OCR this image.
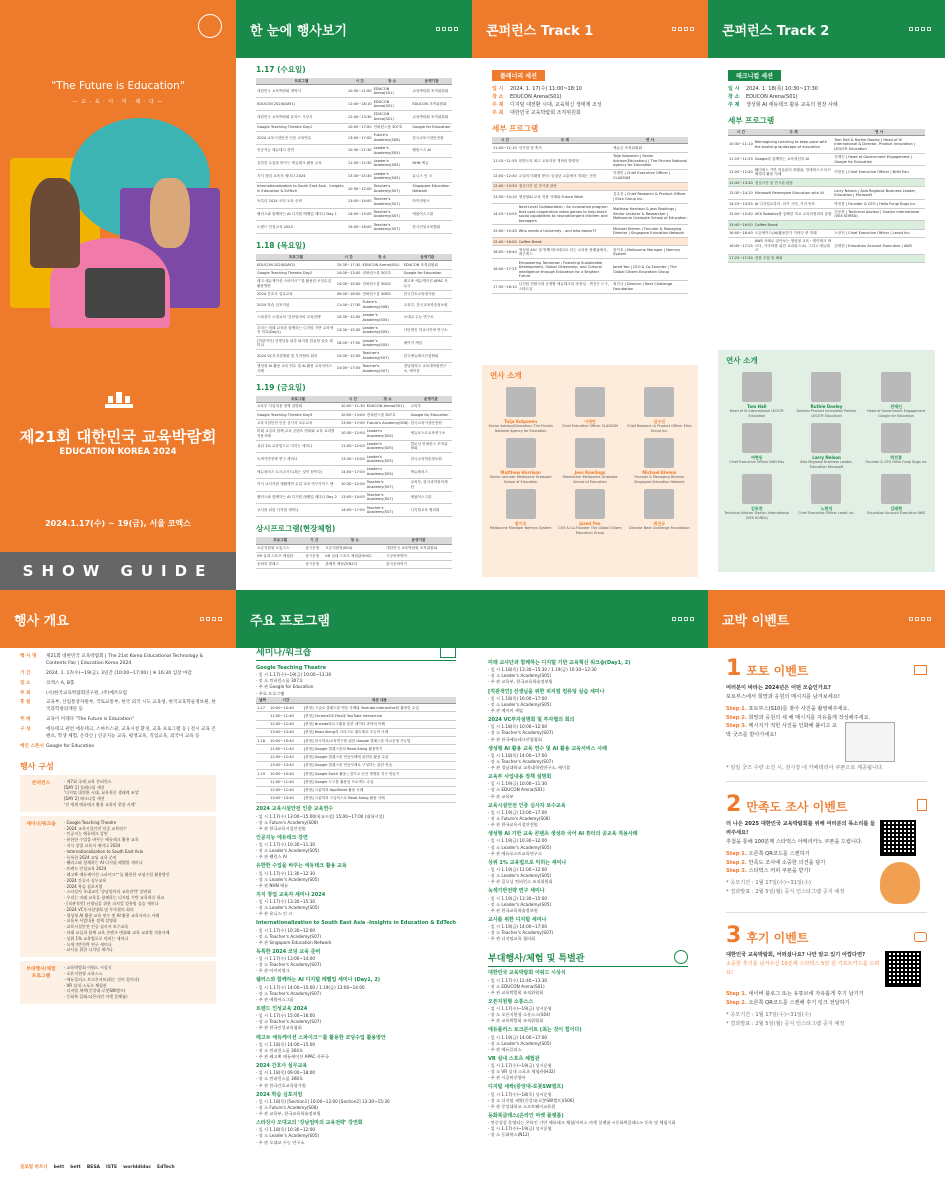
"The Future is Education"
— 교 · 육 · 이 · 미 · 래 · 다 —
제21회 대한민국 교육박람회
EDUCATION KOREA 2024
2024.1.17(수) ~ 19(금), 서울 코엑스
SHOW GUIDE
한 눈에 행사보기
1.17 (수요일)
프로그램	시 간	장 소	운영기관
대한민국 교육박람회 개막식	10:30~11:00	EDUCON Arena(S01)	교육박람회 조직위원회
EDUCON 2024(DAY1)	11:00~18:10	EDUCON Arena(S01)	EDUCON 조직위원회
대한민국 교육박람회 유아드 시상식	12:40~13:30	EDUCON Arena(S01)	교육박람회 조직위원회
Google Teaching Theatre Day1	10:00~17:00	컨퍼런스룸 307호	Google for Education
2024 교육시설안전 인증 교육연수	13:00~17:00	Future's Academy(S08)	한국교육시설안전원
인공지능 에듀테크 강연	10:30~11:30	Leader's Academy(S05)	웰런스스 AI
유한한 수업을 바꾸는 에듀테크 활용 교육	11:30~12:30	Leader's Academy(S05)	NHN 에듀
지식 창업 교육자 세미나 2024	13:30~15:30	Leader's Academy(S05)	유니스 인 크
Internationalization to South East Asia - Insights in Education & EdTech	10:30~12:00	Teacher's Academy(S07)	Singapore Education Network
독특한 2024 코딩 교육 준비	13:00~14:00	Teacher's Academy(S07)	아이비씽크
웰러스와 함께하는 AI 디지털 레벨업 세미나 Day 1	14:00~15:00	Teacher's Academy(S07)	에뮬어스그룹
트렌드 인성교육 2024	15:00~16:00	Teacher's Academy(S07)	한국인성교육협회
1.18 (목요일)
프로그램	시 간	장 소	운영기관
EDUCON 2024(DAY2)	10:30~17:30	EDUCON Arena(S01)	EDUCON 조직위원회
Google Teaching Theatre Day2	10:00~13:00	컨퍼런스룸 307호	Google for Education
레고 에듀케이션 스파이크™를 활용한 코딩수업 활용방안	14:00~15:00	컨퍼런스룸 304호	레고® 에듀케이션 APAC 사무국
2024 간호사 실무교육	09:00~18:00	컨퍼런스룸 308호	한국간호교육평가원
2024 학습 심포지엄	11:00~17:30	Future's Academy(S08)	교육부, 한국교육학술정보원
스타강사 오대교의 '강남엄마의 교육전략'	10:30~12:00	Leader's Academy(S05)	오대교 수능 연구소
우리는 미래 교육을 함께하는 디지털 기반 교육혁신 학교(Day1)	13:30~15:30	Leader's Academy(S05)	사단법인 학교사이버 연구소
[직관적인] 선생님을 위한 피지컬 컴퓨팅 실습 세미나	16:00~17:00	Leader's Academy(S05)	메이커 캐임
2024 VC투자설명회 및 투자협의 회의	10:00~12:00	Teacher's Academy(S07)	한국에듀테크산업협회
생성형 AI 활용 교육 연수 및 AI 활용 교육서비스 사례	14:00~17:00	Teacher's Academy(S07)	경남대학교 교육대학원연구소, 에이블
1.19 (금요일)
프로그램	시 간	장 소	운영기관
교육부 사업내용 정책 설명회	10:00~11:30	EDUCON Arena(S01)	교육부
Google Teaching Theatre Day3	10:00~13:00	컨퍼런스룸 307호	Google for Education
교육시설안전 인증 심사자 보수교육	13:00~17:00	Future's Academy(S08)	한국교육시설안전원
미래 교실과 함께 교육 콘텐츠 변화와 교육 교과별 적용사례	10:30~12:00	Leader's Academy(S05)	에듀포스트교육연구소
상위 1% 교육법으로 익히는 세미나	11:00~12:00	Leader's Academy(S05)	클로닝 컨퍼런스 조직위원회
녹색기반전략 연구 세미나	13:30~15:00	Leader's Academy(S05)	한국교육학술정보원
에듀플러스 토크콘서트(최는 것이 힘이다)	14:00~17:00	Leader's Academy(S05)	에듀플러스
지식 교사지원 생활재연 수업 교육 연구가이드 밴	10:30~12:00	Teacher's Academy(S07)	교육부, 한국과학창의재단
웰러스와 함께하는 AI 디지털 레벨업 세미나 Day 2	13:00~14:00	Teacher's Academy(S07)	에뮬어스그룹
교사를 위한 디지털 세미나	14:00~17:00	Teacher's Academy(S07)	디지털교육 협의회
상시프로그램(현장체험)
프로그램	기 간	장 소	운영기관
오픈지원형 소통스스	상시운영	오픈지원형(S04)	대한민국 교육박람회 조직위원회
VR 실내 스포츠 체험관	상시운영	VR 실내 스포츠 체험관(H32)	시공버중양아
동화북 클래스	상시운영	관배북 체험관(N27)	한국동화작가
콘퍼런스 Track 1
플레너리 세션
일 시 2024. 1. 17(수) 11:00~18:10
장 소 EDUCON Arena(S01)
주 제 디지털 대전환 시대, 교육혁신 생태계 조성
주 최 대한민국 교육박람회 조직위원회
세부 프로그램
시 간	주 제	연 사
11:00~11:10	인사말 및 축사	에듀콘 조직위원회
11:15~11:55	한반도의 최고 교육과정 개혁의 방향성	Taija Kolponen | Senior Advisor(Education) | The Finnish National Agency for Education
12:00~12:40	교실의 미래를 묻다: 들었던 교총에서 미래는 전망	이재민 | Chief Executive Officer | CLASSUM
12:40~13:30	점심시간 및 전시관 관람	
13:30~14:10	생성형AI 교육 적용 사례와 Future Work	김수진 | Chief Research & Product Officer | Elice Group Inc.
14:15~14:55	Next Level Collaboration : An innovative program that uses cooperative video games to help teach social capabilities to neurodivergent children and teenagers	Matthew Harrison & Jess Rowlings | Senior Lecturer & Researcher | Melbourne Graduate School of Education
15:00~15:40	Who needs a University - and who doesn't?	Michael Klemm | Founder & Managing Director | Singapore Education Network
15:40~16:00	Coffee Break	
16:00~16:40	생성형 AI로 첫 번째 테크테크로 되는 교육용 플랫폼에서, 최근에스	함이호 | Melbourne Manager | Nemrys System
16:45~17:25	Empowering Tomorrow : Fostering Sustainable Development, Global Citizenship, and Cultural Intelligence through Education for a Brighter Future	Jared Yeo | CEO & Co-Founder | The Global Citizen Education Group
17:30~18:10	디지털 전환시대 공생할 에듀테크의 과정성 - 핵심은 도구, 스타트업	최진규 | Director | Next Challenge Foundation
연사 소개
Taija Kolponen
Senior Advisor(Education) The Finnish National Agency for Education
이재민
Chief Executive Officer CLASSUM
김수진
Chief Research & Product Officer Elice Group Inc.
Matthew Harrison
Senior Lecturer Melbourne Graduate School of Education
Jess Rowlings
Researcher Melbourne Graduate School of Education
Michael Klemm
Founder & Managing Director Singapore Education Network
함이호
Melbourne Manager Nemrys System
Jared Yeo
CEO & Co-Founder The Global Citizen Education Group
최진규
Director Next Challenge Foundation
콘퍼런스 Track 2
테크니컬 세션
일 시 2024. 1. 18(목) 10:30~17:30
장 소 EDUCON Arena(S01)
주 제 생성형 AI 에듀테크 활용 교육의 현장 사례
세부 프로그램
시 간	주 제	연 사
10:30~11:10	Reimagining Learning to keep pace with the evolving landscape of education	Tom Hall & Ruthie Dooley | Head of IX International & Director, Product Innovation | LEGO® Education
11:15~11:55	Google과 함께하는 교육혁신의 AI	전재인 | Head of Government Engagement | Google for Education
12:00~12:40	웨더에스 기반 학습관리 플랫폼, 현대에스크 티브 배경과 활용 사례	여현동 | Chief Executive Officer | NHN Edu
12:40~13:30	점심시간 및 전시관 관람	
13:30~14:10	Microsoft Reimagine Education with AI	Larry Nelson | Asia Regional Business Leader, Education | Microsoft
14:15~14:55	AI 디지털교과서 -차기 시민, 기저 목표	박진봉 | Founder & CEO | Hello Fungi Bugs Inc
15:00~15:40	VEX Robotics를 통해한 학교 교육과정과의 통합	김동찬 | Technical Advisor | Gaelyn International (VEX KOREA)
15:40~16:00	Coffee Break	
16:00~16:40	오픈에이드(AI)활용한가 가려다 중 미래	노현석 | Chief Executive Officer | Lessit Inc.
16:45~17:25	AWS 사례로 알아보는 생성형 교육 : 케이테크 바르다, 가속화를 위한 교과워크 AI, 그리고 에듀테크	김태현 | Education Account Executive | AWS
17:25~17:30	경품 추첨 및 폐회	
연사 소개
Tom Hall
Head of IX International LEGO® Education
Ruthie Dooley
Director Product Innovation Partner LEGO® Education
전재인
Head of Government Engagement Google for Education
여현동
Chief Executive Officer NHN Edu
Larry Nelson
Asia Regional Business Leader, Education Microsoft
박진봉
Founder & CEO Hello Fungi Bugs Inc
김동찬
Technical Advisor Gaelyn International (VEX KOREA)
노현석
Chief Executive Officer Lessit Inc.
김태현
Education Account Executive AWS
행사 개요
행 사 명	제21회 대한민국 교육박람회 | The 21st Korea Educational Technology & Contents Fair | Education Korea 2024
기 간	2024. 1. 17(수)~19(금), 3일간 (10:00~17:00) | ※ 16:30 입장 마감
장 소	코엑스 A, B홀
주 최	(사)한국교육박람회연구원, (주)메쓰포럼
후 원	교육부, 산업통상자원부, 국토교통부, 한국 외국 시도 교육청, 한국교육학술정보원, 한국과학창의재단 등
주 제	교육이 미래다 "The Future is Education"
구 성	에듀테크 관련 에듀테크, 스마트스쿨, 교육시설 환경, 교육 프로그램 등 | 전시 교육 콘텐츠, 학생 체험, 온라인 | 인공지능 교육, 평생교육, 직업교육, 외국어 교육 등
메인 스폰서 Google for Education
행사 구성
콘퍼런스	· 제7회 국제 교육 콘퍼런스
[DAY 1] 플레너리 세션
'디지털 대전환 시대, 교육혁신 생태계 조성'
[DAY 2] 테크니컬 세션
'전 세계 에듀테크 활용 교육의 현장 사례'
세미나/워크숍	· Google Teaching Theatre
· 2024 교육시설안전 인증 교육연수
· 인공지능 에듀테크 강연
· 유한한 수업을 바꾸는 에듀테크 활용 교육
· 지식 창업 교육자 세미나 2024
· Internationalization to South East Asia
· 독특한 2024 코딩 교육 준비
· 웰러스와 함께하는 AI 디지털 레벨업 세미나
· 트렌드 인성교육 2024
· 레고® 에듀케이션 스파이크™를 활용한 코딩수업 활용방안
· 2024 간호사 실무교육
· 2024 학습 심포지엄
· 스타강사 오대교의 '강남엄마의 교육전략' 강연회
· 우리는 미래 교육을 함께하는 디지털 기반 교육혁신 학교
· [직관적인] 선생님을 위한 피지컬 컴퓨팅 실습 세미나
· 2024 VC투자설명회 및 투자협의 회의
· 생성형 AI 활용 교육 연수 및 AI 활용 교육서비스 사례
· 교육부 사업내용 정책 설명회
· 교육시설안전 인증 심사자 보수교육
· 미래 교실과 함께 교육 콘텐츠 변화와 교육 교과별 적용사례
· 상위 1% 교육법으로 익히는 세미나
· 녹색기반전략 연구 세미나
· 교사를 위한 디지털 세미나
부대행사/체험 프로그램
· 교육박람회 어워드 시상식
· 오픈지원형 소통스스
· 에듀플러스 토크콘서트(최는 것이 힘이다)
· VR 실내 스포츠 체험관
· 디지털 새싹(중앙대-로봇SW캠프)
· 동화북 클래스(온라인 마켓 플랫폼)
글로벌 파트너 bett bett BESA ISTE worlddidac EdTech
주요 프로그램
세미나/워크숍
Google Teaching Theatre
· 일 시 1.17(수)~19(금) 10:00~13:30
· 장 소 컨퍼런스룸 307호
· 주 관 Google for Education
· 주요 프로그램
날짜	시간	세션 내용
1.17	10:00~10:40	[중장] 구글로 클래스룸 연동 사례와 Youtube Interactive를 활용한 수업
	11:00~11:40	[중장] ChromeOS Flex와 YouTube Interactive
	12:00~12:40	[중장] Nucoda파로그램을 통한 데이터 과학의 이해
	13:00~13:40	[중장] Read Along과 크리스토 매트에로 초등학 사례
1.18	10:00~10:40	[중장] 외국학교/교육연구를 위한 Google 클래스룸 학교운영 가능법
	11:00~11:40	[중장] Google 클래스룸의 Read Along 활용하기
	12:00~12:40	[중장] Google 클래스룸 연동사례에 관련한 활용 수업
	13:00~13:40	[중장] Google 클래스룸 연동사례로 구성하는 관련 연습
1.19	10:00~10:40	[중장] Google Earth 활용 | 경기교 신선 생생한 지구 만들기
	11:00~11:40	[중장] Google 도구를 활용한 프로젝트 수업
	12:00~12:40	[중장] 크롬북과 AppSheet 활용 사례
	13:00~13:40	[중장] 크롬북과 구글어스로 Read Along 활용 사례
2024 교육시설안전 인증 교육연수
· 일 시 1.17(수) 13:00~15:00(학교시설) 15:00~17:00 (대학시설)
· 장 소 Future's Academy(S08)
· 주 관 한국교육시설안전원
인공지능 에듀테크 강연
· 일 시 1.17(수) 10:30~11:30
· 장 소 Leader's Academy(S05)
· 주 관 웰런스 AI
유한한 수업을 바꾸는 에듀테크 활용 교육
· 일 시 1.17(수) 11:30~12:30
· 장 소 Leader's Academy(S05)
· 주 관 NHN 에듀
지식 창업 교육자 세미나 2024
· 일 시 1.17(수) 13:30~15:30
· 장 소 Leader's Academy(S05)
· 주 관 유니스 인 크
Internationalization to South East Asia -Insights in Education & EdTech
· 일 시 1.17(수) 10:30~12:00
· 장 소 Teacher's Academy(S07)
· 주 관 Singapore Education Network
독특한 2024 코딩 교육 준비
· 일 시 1.17(수) 13:00~14:00
· 장 소 Teacher's Academy(S07)
· 주 관 아이비씽크
웰러스와 함께하는 AI 디지털 레벨업 세미나 (Day1, 2)
· 일 시 1.17(수) 14:00~15:00 / 1.19(금) 13:00~14:00
· 장 소 Teacher's Academy(S07)
· 주 관 에뮬어스그룹
트렌드 인성교육 2024
· 일 시 1.17(수) 15:00~16:00
· 장 소 Teacher's Academy(S07)
· 주 관 한국인성교육협회
레고® 에듀케이션 스파이크™를 활용한 코딩수업 활용방안
· 일 시 1.18(목) 14:00~15:00
· 장 소 컨퍼런스룸 304호
· 주 관 레고® 에듀케이션 APAC 사무국
2024 간호사 실무교육
· 일 시 1.18(목) 09:00~18:00
· 장 소 컨퍼런스룸 308호
· 주 관 한국간호교육평가원
2024 학습 심포지엄
· 일 시 1.18(목) [Section1] 10:00~12:00 [Section2] 13:30~15:30
· 장 소 Future's Academy(S08)
· 주 관 교육부, 한국교육학술정보원
스타강사 오대교의 '강남엄마의 교육전략' 강연회
· 일 시 1.18(목) 10:30~12:00
· 장 소 Leader's Academy(S05)
· 주 관 오대교 수능 연구소
미래 교사단과 함께하는 디지털 기반 교육혁신 워크숍(Day1, 2)
· 일 시 1.18(목) 13:30~15:30 / 1.19(금) 10:30~12:30
· 장 소 Leader's Academy(S05)
· 주 관 교육부, 한국교육학술정보원
[직관적인] 선생님을 위한 피지컬 컴퓨팅 실습 세미나
· 일 시 1.18(목) 16:00~17:00
· 장 소 Leader's Academy(S05)
· 주 관 메이커 캐임
2024 VC투자설명회 및 투자협의 회의
· 일 시 1.18(목) 10:00~12:00
· 장 소 Teacher's Academy(S07)
· 주 관 한국에듀테크산업협회
생성형 AI 활용 교육 연수 및 AI 활용 교육서비스 사례
· 일 시 1.18(목) 14:00~17:00
· 장 소 Teacher's Academy(S07)
· 주 관 경남대학교 교육대학원연구소, 에이블
교육부 사업내용 정책 설명회
· 일 시 1.19(금) 10:00~11:30
· 장 소 EDUCON Arena(S01)
· 주 관 교육부
교육시설안전 인증 심사자 보수교육
· 일 시 1.19(금) 13:00~17:00
· 장 소 Future's Academy(S08)
· 주 관 한국교육시설안전원
생성형 AI 기반 교육 콘텐츠 생성과 국어 AI 튜터의 공교육 적용사례
· 일 시 1.19(금) 10:30~12:00
· 장 소 Leader's Academy(S05)
· 주 관 에듀포스트교육연구소
상위 1% 교육법으로 익히는 세미나
· 일 시 1.19(금) 11:00~12:00
· 장 소 Leader's Academy(S05)
· 주 관 클로닝 컨퍼런스 조직위원회
녹색기반전략 연구 세미나
· 일 시 1.19(금) 13:30~15:00
· 장 소 Leader's Academy(S05)
· 주 관 한국교육학술정보원
교사를 위한 디지털 세미나
· 일 시 1.19(금) 14:00~17:00
· 장 소 Teacher's Academy(S07)
· 주 관 디지털교육 협의회
부대행사/체험 및 특별관
대한민국 교육박람회 어워드 시상식
· 일 시 1.17(수) 12:40~13:30
· 장 소 EDUCON Arena(S01)
· 주 관 교육박람회 조직위원회
오픈지원형 소통스스
· 일 시 1.17(수)~19(금) 상시운영
· 장 소 오픈지원형 소통스스(S04)
· 주 관 교육박람회 조직위원회
에듀플러스 토크콘서트 (최는 것이 힘이다)
· 일 시 1.19(금) 14:00~17:00
· 장 소 Leader's Academy(S05)
· 주 관 에듀플러스
VR 실내 스포츠 체험관
· 일 시 1.17(수)~19(금) 상시운영
· 장 소 VR 실내 스포츠 체험관(H32)
· 주 관 시공버중양아
디지털 새싹(중앙대-로봇SW캠프)
· 일 시 1.17(수)~18(목) 상시운영
· 장 소 디지털 새싹(중앙대-로봇SW캠프)(S06)
· 주 관 중앙대학교 소프트웨어교육원
동화북클래스(온라인 마켓 플랫폼)
· 연중상설 운영되는 온라인 기반 에듀테크 체험/서비스 마켓 플랫폼 <동화북클래스> 등록 및 체험기회
· 일 시 1.17(수)~19(금) 상시운영
· 장 소 동화북스(N12)
교박 이벤트
1 포토 이벤트
여러분이 바라는 2024년은 어떤 모습인가요?
포토부스에서 희망과 응원의 메시지를 남겨보세요!
Step 1. 포토부스(S10)를 찾아 사진을 촬영해주세요.
Step 2. 희망과 응원의 새 해 메시지를 자유롭게 작성해주세요.
Step 3. 메시지가 적힌 사진을 인화해 붙이고 교박 굿즈를 받아가세요!
* 일일 굿즈 수량 소진 시, 전시장 내 카페테리아 쿠폰으로 제공됩니다.
2 만족도 조사 이벤트
더 나은 2025 대한민국 교육박람회를 위해 여러분의 목소리를 들려주세요!
추첨을 통해 100분께 스타벅스 아메리카노 쿠폰을 드립니다.
Step 1. 오른쪽 QR코드를 스캔하기
Step 2. 만족도 조사에 소중한 의견을 담기
Step 3. 스타벅스 커피 쿠폰을 받기!
* 응모기간 : 1월 17일(수)~31일(수)
* 결과발표 : 2월 5일(월) 공식 인스타그램 공지 예정
3 후기 이벤트
대한민국 교육박람회, 어떠셨나요? 나만 알고 있기 아깝다면?
소중한 후기를 남겨주신 10분께 스타벅스 5만 원 기프트카드를 드려요!
Step 1. 네이버 블로그 또는 유튜브에 자유롭게 후기 남기기
Step 2. 오른쪽 QR코드를 스캔해 후기 링크 전달하기
* 응모기간 : 1월 17일(수)~31일(수)
* 결과발표 : 2월 5일(월) 공식 인스타그램 공지 예정
